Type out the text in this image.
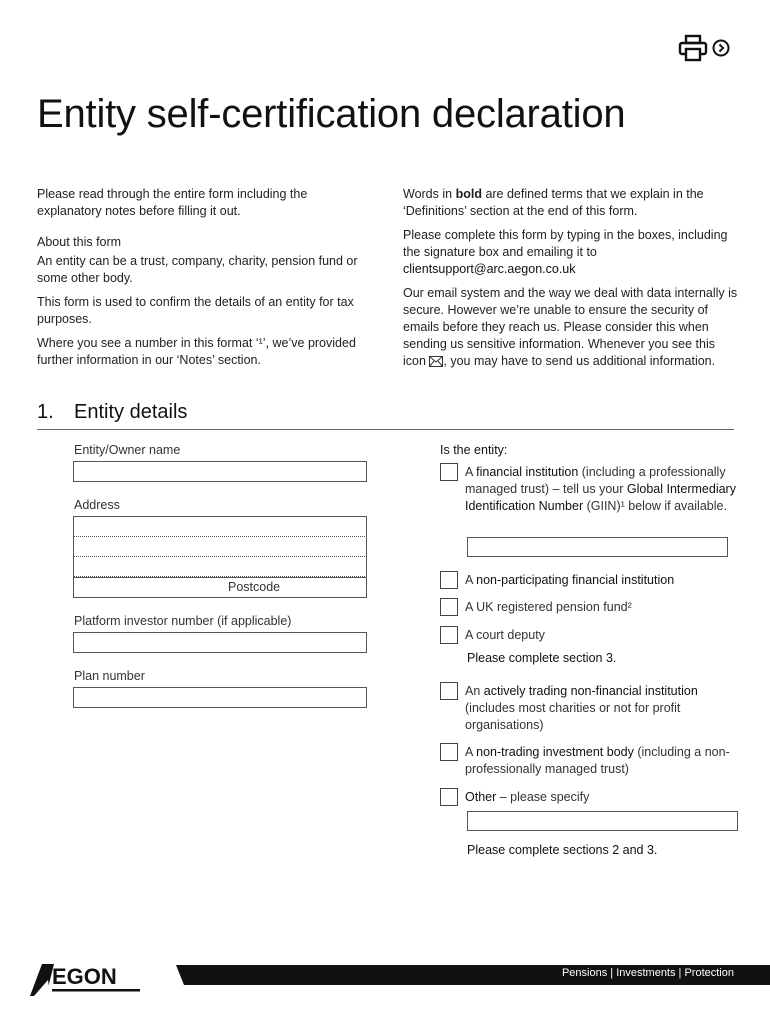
Entity self-certification declaration

Please read through the entire form including the explanatory notes before filling it out.

About this form

An entity can be a trust, company, charity, pension fund or some other body.

This form is used to confirm the details of an entity for tax purposes.

Where you see a number in this format ‘¹’, we’ve provided further information in our ‘Notes’ section.

Words in bold are defined terms that we explain in the ‘Definitions’ section at the end of this form.

Please complete this form by typing in the boxes, including the signature box and emailing it to
clientsupport@arc.aegon.co.uk

Our email system and the way we deal with data internally is secure. However we’re unable to ensure the security of emails before they reach us. Please consider this when sending us sensitive information. Whenever you see this icon , you may have to send us additional information.

1. Entity details
Entity/Owner name
Address
Postcode
Platform investor number (if applicable)
Plan number
Is the entity:
A financial institution (including a professionally managed trust) – tell us your Global Intermediary Identification Number (GIIN)¹ below if available.
A non-participating financial institution
A UK registered pension fund²
A court deputy
Please complete section 3.
An actively trading non-financial institution (includes most charities or not for profit organisations)
A non-trading investment body (including a non-professionally managed trust)
Other – please specify
Please complete sections 2 and 3.
EGON	Pensions | Investments | Protection
